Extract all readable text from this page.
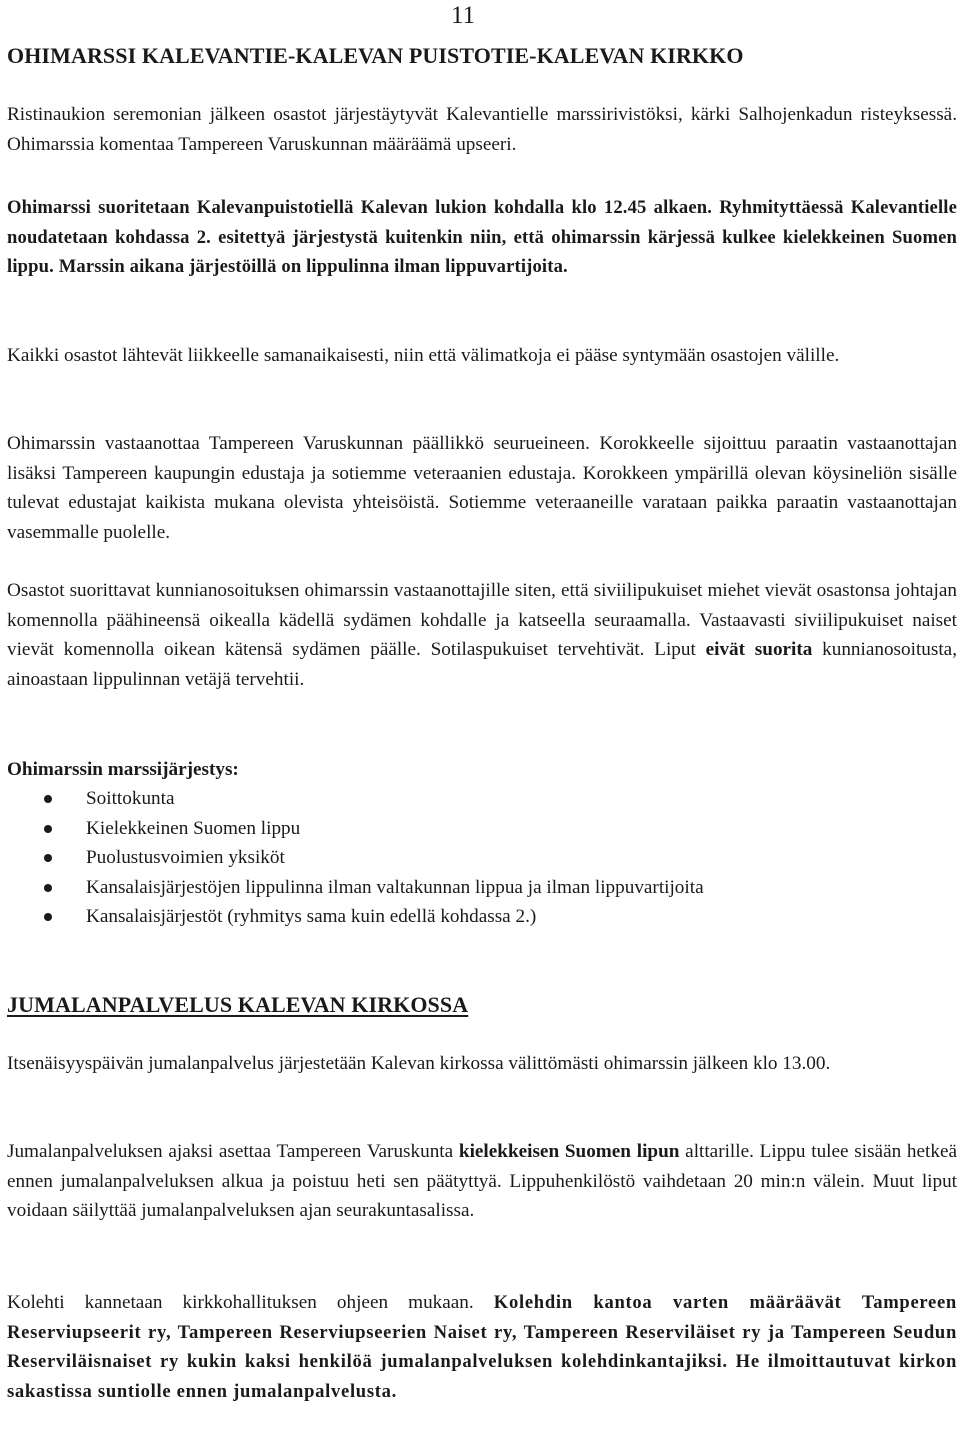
11
OHIMARSSI KALEVANTIE-KALEVAN PUISTOTIE-KALEVAN KIRKKO

Ristinaukion seremonian jälkeen osastot järjestäytyvät Kalevantielle marssirivistöksi, kärki Salhojenkadun risteyksessä. Ohimarssia komentaa Tampereen Varuskunnan määräämä upseeri.

Ohimarssi suoritetaan Kalevanpuistotiellä Kalevan lukion kohdalla klo 12.45 alkaen. Ryhmityttäessä Kalevantielle noudatetaan kohdassa 2. esitettyä järjestystä kuitenkin niin, että ohimarssin kärjessä kulkee kielekkeinen Suomen lippu. Marssin aikana järjestöillä on lippulinna ilman lippuvartijoita.

Kaikki osastot lähtevät liikkeelle samanaikaisesti, niin että välimatkoja ei pääse syntymään osastojen välille.

Ohimarssin vastaanottaa Tampereen Varuskunnan päällikkö seurueineen. Korokkeelle sijoittuu paraatin vastaanottajan lisäksi Tampereen kaupungin edustaja ja sotiemme veteraanien edustaja. Korokkeen ympärillä olevan köysineliön sisälle tulevat edustajat kaikista mukana olevista yhteisöistä. Sotiemme veteraaneille varataan paikka paraatin vastaanottajan vasemmalle puolelle.

Osastot suorittavat kunnianosoituksen ohimarssin vastaanottajille siten, että siviilipukuiset miehet vievät osastonsa johtajan komennolla päähineensä oikealla kädellä sydämen kohdalle ja katseella seuraamalla. Vastaavasti siviilipukuiset naiset vievät komennolla oikean kätensä sydämen päälle. Sotilaspukuiset tervehtivät. Liput eivät suorita kunnianosoitusta, ainoastaan lippulinnan vetäjä tervehtii.

Ohimarssin marssijärjestys:
Soittokunta
Kielekkeinen Suomen lippu
Puolustusvoimien yksiköt
Kansalaisjärjestöjen lippulinna ilman valtakunnan lippua ja ilman lippuvartijoita
Kansalaisjärjestöt (ryhmitys sama kuin edellä kohdassa 2.)
JUMALANPALVELUS KALEVAN KIRKOSSA

Itsenäisyyspäivän jumalanpalvelus järjestetään Kalevan kirkossa välittömästi ohimarssin jälkeen klo 13.00.

Jumalanpalveluksen ajaksi asettaa Tampereen Varuskunta kielekkeisen Suomen lipun alttarille. Lippu tulee sisään hetkeä ennen jumalanpalveluksen alkua ja poistuu heti sen päätyttyä. Lippuhenkilöstö vaihdetaan 20 min:n välein. Muut liput voidaan säilyttää jumalanpalveluksen ajan seurakuntasalissa.

Kolehti kannetaan kirkkohallituksen ohjeen mukaan. Kolehdin kantoa varten määräävät Tampereen Reserviupseerit ry, Tampereen Reserviupseerien Naiset ry, Tampereen Reserviläiset ry ja Tampereen Seudun Reserviläisnaiset ry kukin kaksi henkilöä jumalanpalveluksen kolehdinkantajiksi. He ilmoittautuvat kirkon sakastissa suntiolle ennen jumalanpalvelusta.
